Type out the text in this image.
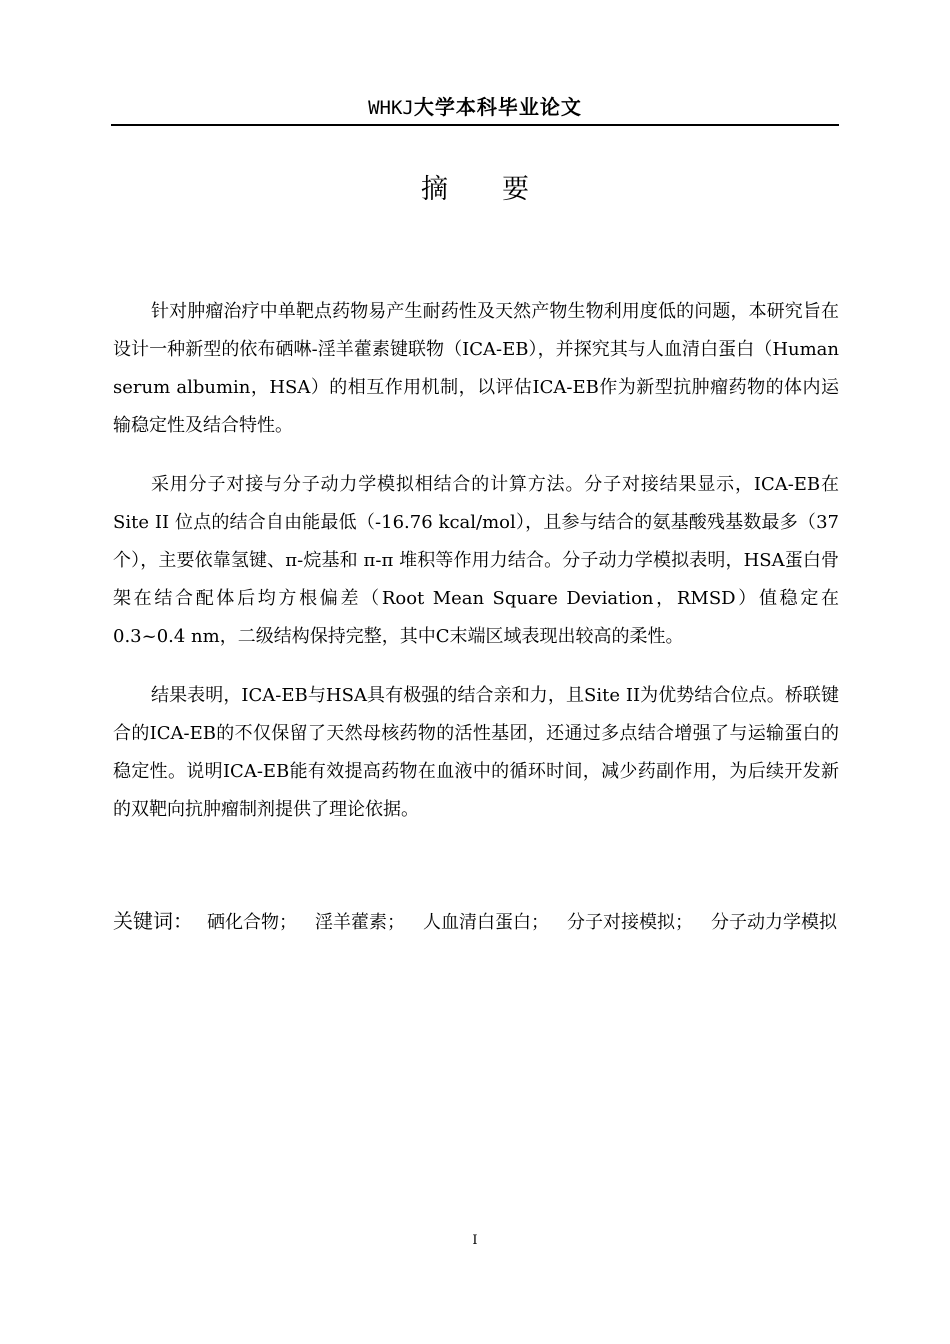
WHKJ大学本科毕业论文
摘要

针对肿瘤治疗中单靶点药物易产生耐药性及天然产物生物利用度低的问题，本研究旨在设计一种新型的依布硒啉-淫羊藿素键联物（ICA-EB），并探究其与人血清白蛋白（Human serum albumin，HSA）的相互作用机制，以评估ICA-EB作为新型抗肿瘤药物的体内运输稳定性及结合特性。

采用分子对接与分子动力学模拟相结合的计算方法。分子对接结果显示，ICA-EB在 Site II 位点的结合自由能最低（-16.76 kcal/mol），且参与结合的氨基酸残基数最多（37 个），主要依靠氢键、π-烷基和 π-π 堆积等作用力结合。分子动力学模拟表明，HSA蛋白骨架在结合配体后均方根偏差（Root Mean Square Deviation，RMSD）值稳定在0.3~0.4 nm，二级结构保持完整，其中C末端区域表现出较高的柔性。

结果表明，ICA-EB与HSA具有极强的结合亲和力，且Site II为优势结合位点。桥联键合的ICA-EB的不仅保留了天然母核药物的活性基团，还通过多点结合增强了与运输蛋白的稳定性。说明ICA-EB能有效提高药物在血液中的循环时间，减少药副作用，为后续开发新的双靶向抗肿瘤制剂提供了理论依据。

关键词： 硒化合物； 淫羊藿素； 人血清白蛋白； 分子对接模拟； 分子动力学模拟
I
